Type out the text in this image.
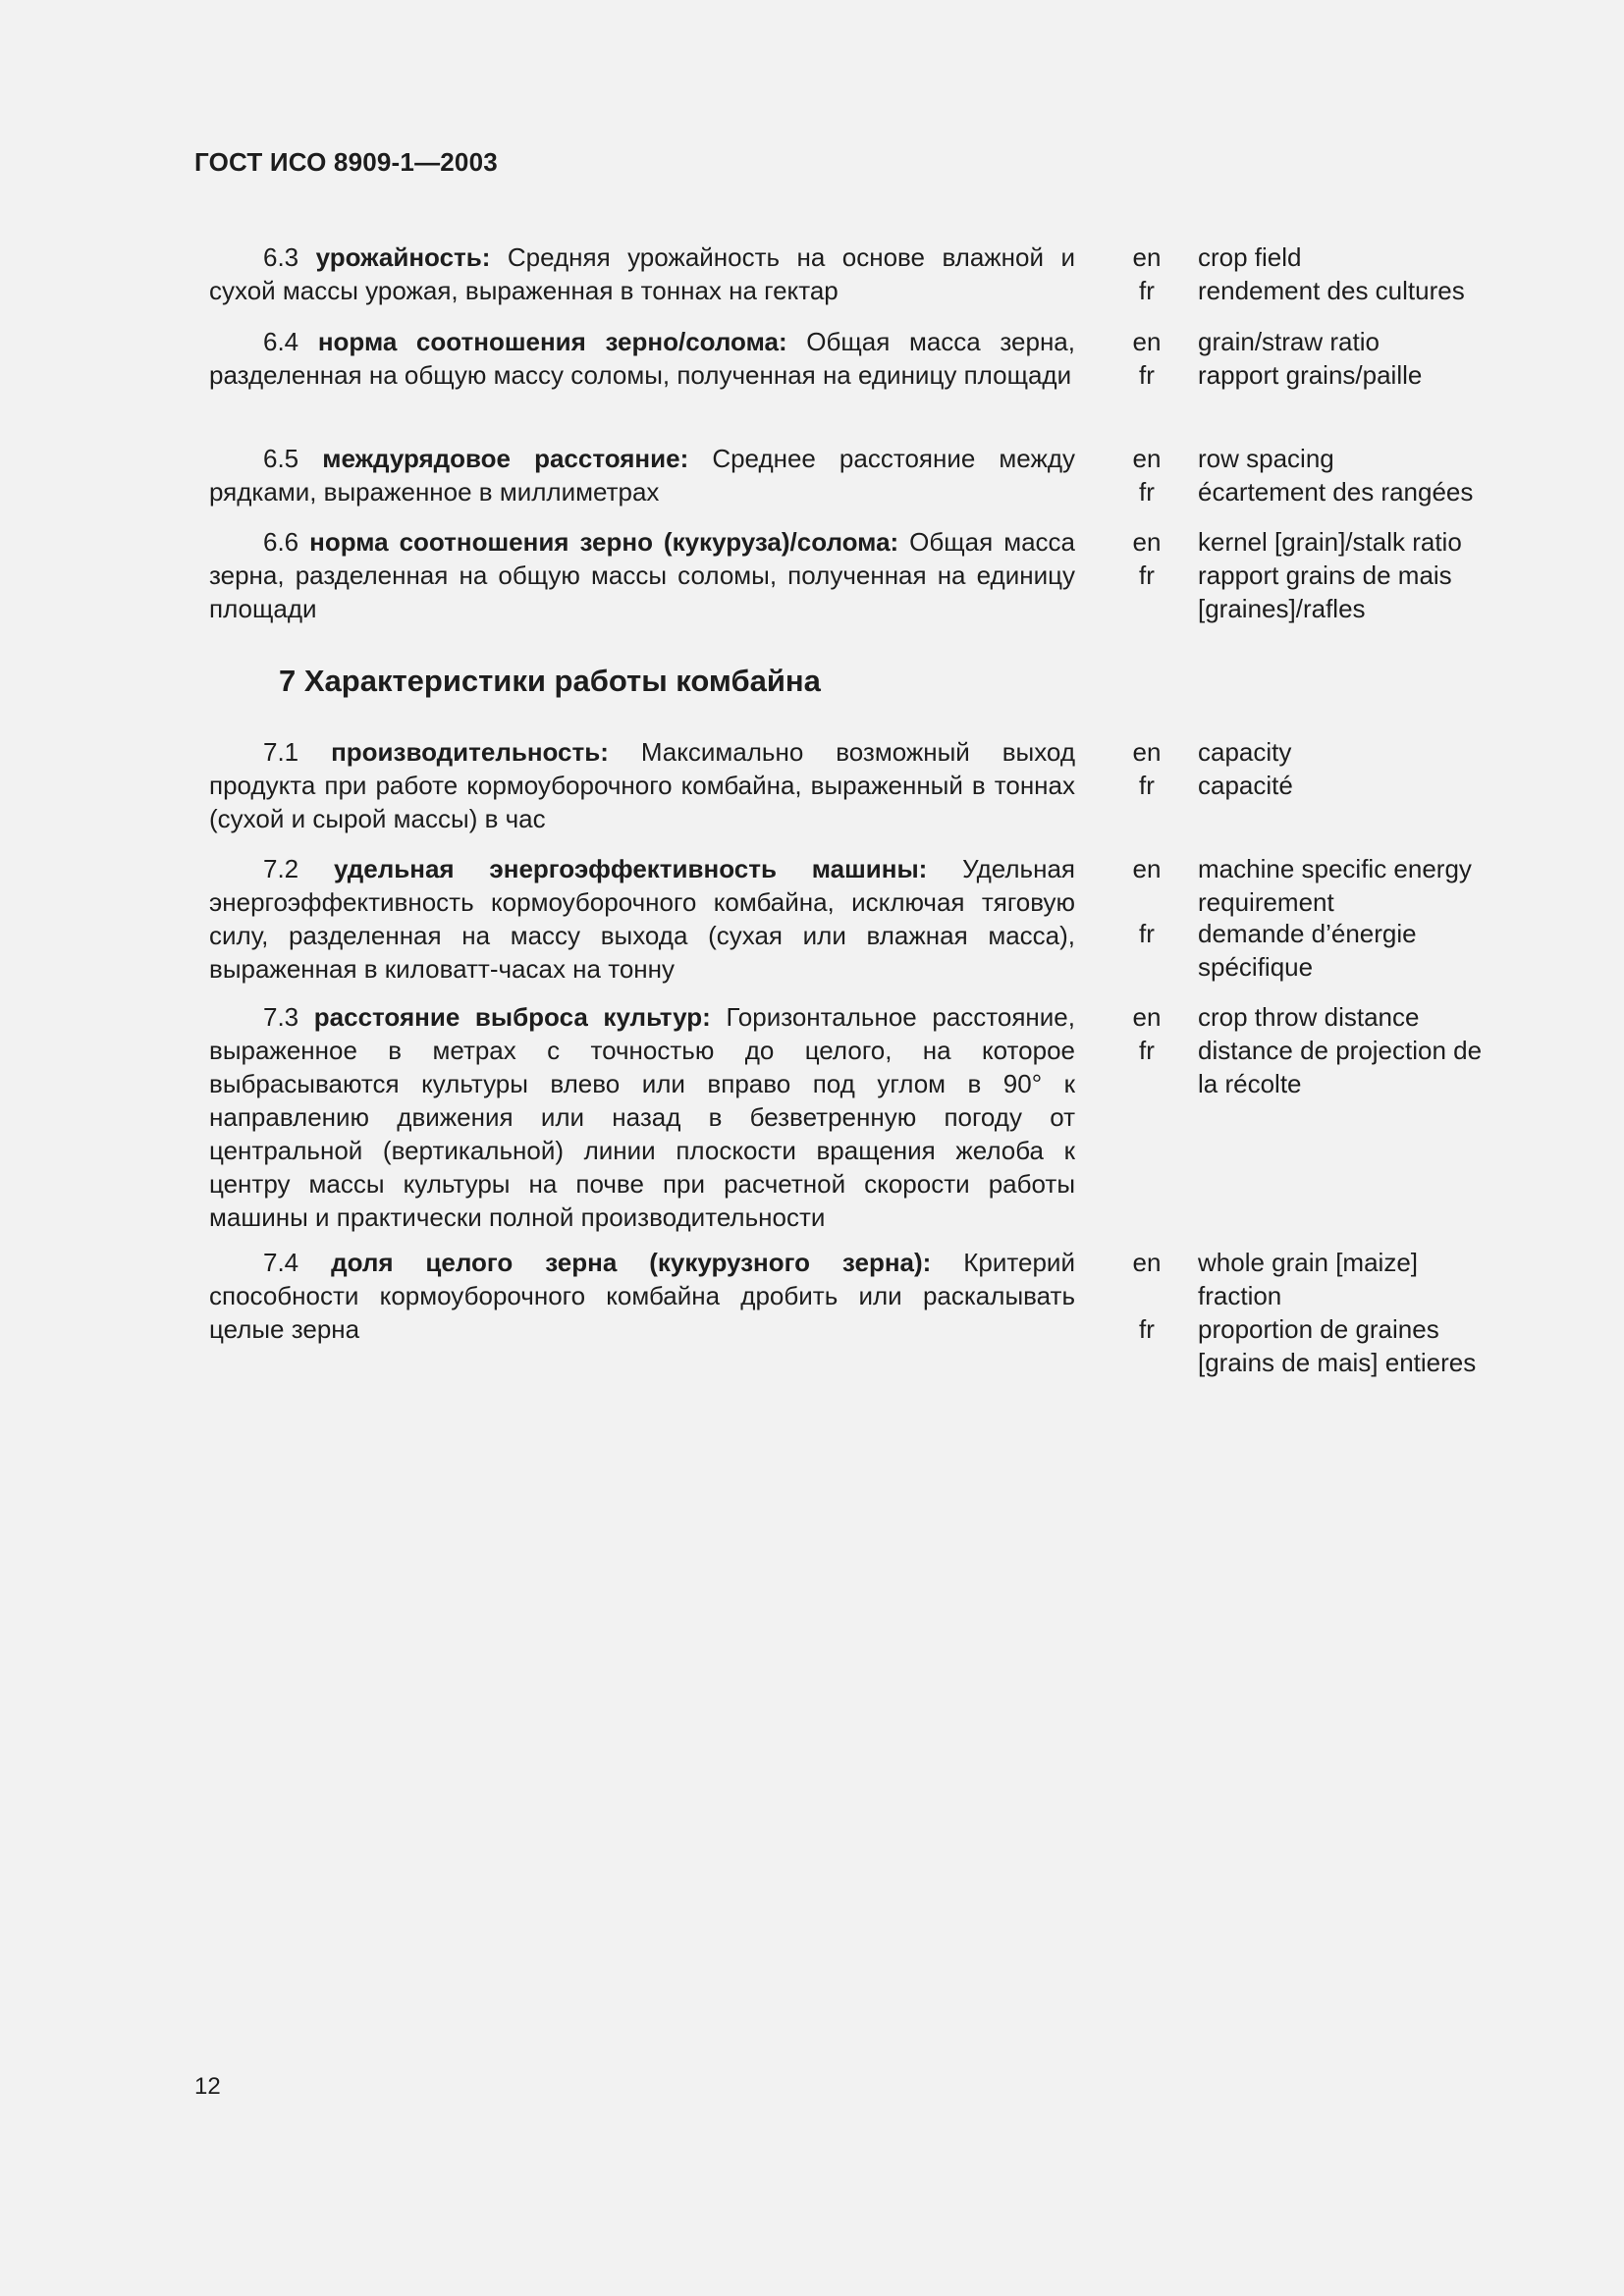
ГОСТ ИСО 8909-1—2003
6.3 урожайность: Средняя урожайность на основе влажной и сухой массы урожая, выраженная в тоннах на гектар
en
fr
crop field
rendement des cultures
6.4 норма соотношения зерно/солома: Общая масса зерна, разделенная на общую массу соломы, полученная на единицу площади
en
fr
grain/straw ratio
rapport grains/paille
6.5 междурядовое расстояние: Среднее расстояние между рядками, выраженное в миллиметрах
en
fr
row spacing
écartement des rangées
6.6 норма соотношения зерно (кукуруза)/солома: Общая масса зерна, разделенная на общую массы соломы, полученная на единицу площади
en
fr
kernel [grain]/stalk ratio
rapport grains de mais [graines]/rafles
7 Характеристики работы комбайна
7.1 производительность: Максимально возможный выход продукта при работе кормоуборочного комбайна, выраженный в тоннах (сухой и сырой массы) в час
en
fr
capacity
capacité
7.2 удельная энергоэффективность машины: Удельная энергоэффективность кормоуборочного комбайна, исключая тяговую силу, разделенная на массу выхода (сухая или влажная масса), выраженная в киловатт-часах на тонну
en
fr
machine specific energy requirement
demande d’énergie spécifique
7.3 расстояние выброса культур: Горизонтальное расстояние, выраженное в метрах с точностью до целого, на которое выбрасываются культуры влево или вправо под углом в 90° к направлению движения или назад в безветренную погоду от центральной (вертикальной) линии плоскости вращения желоба к центру массы культуры на почве при расчетной скорости работы машины и практически полной производительности
en
fr
crop throw distance
distance de projection de la récolte
7.4 доля целого зерна (кукурузного зерна): Критерий способности кормоуборочного комбайна дробить или раскалывать целые зерна
en
fr
whole grain [maize] fraction
proportion de graines [grains de mais] entieres
12
